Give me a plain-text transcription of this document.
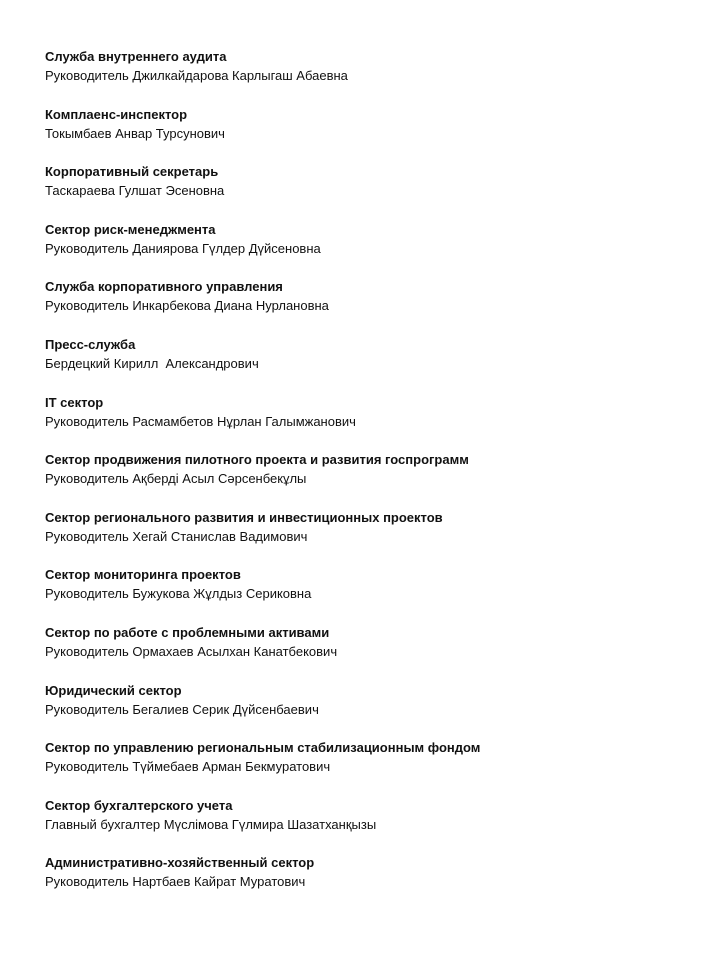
Служба внутреннего аудита
Руководитель Джилкайдарова Карлыгаш Абаевна
Комплаенс-инспектор
Токымбаев Анвар Турсунович
Корпоративный секретарь
Таскараева Гулшат Эсеновна
Сектор риск-менеджмента
Руководитель Даниярова Гүлдер Дүйсеновна
Служба корпоративного управления
Руководитель Инкарбекова Диана Нурлановна
Пресс-служба
Бердецкий Кирилл  Александрович
IT сектор
Руководитель Расмамбетов Нұрлан Галымжанович
Сектор продвижения пилотного проекта и развития госпрограмм
Руководитель Ақберді Асыл Сәрсенбекұлы
Сектор регионального развития и инвестиционных проектов
Руководитель Хегай Станислав Вадимович
Сектор мониторинга проектов
Руководитель Бужукова Жұлдыз Сериковна
Сектор по работе с проблемными активами
Руководитель Ормахаев Асылхан Канатбекович
Юридический сектор
Руководитель Бегалиев Серик Дүйсенбаевич
Сектор по управлению региональным стабилизационным фондом
Руководитель Түймебаев Арман Бекмуратович
Сектор бухгалтерского учета
Главный бухгалтер Мүслімова Гүлмира Шазатханқызы
Административно-хозяйственный сектор
Руководитель Нартбаев Кайрат Муратович
